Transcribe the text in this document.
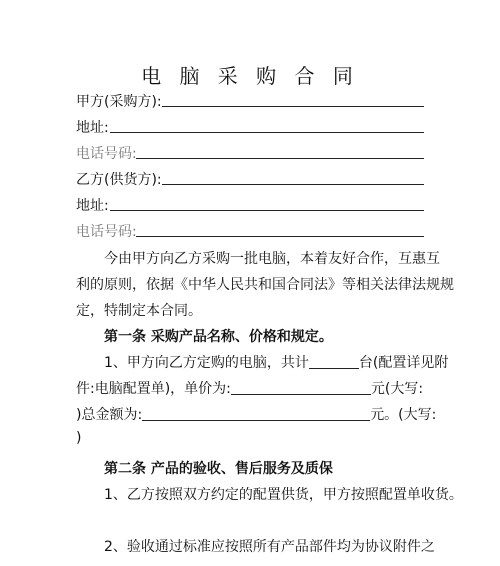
电 脑 采 购 合 同
甲方(采购方):
地址:
电话号码:
乙方(供货方):
地址:
电话号码:
今由甲方向乙方采购一批电脑，本着友好合作，互惠互
利的原则，依据《中华人民共和国合同法》等相关法律法规规
定，特制定本合同。
第一条 采购产品名称、价格和规定。
1、甲方向乙方定购的电脑，共计	台(配置详见附
件:电脑配置单)，单价为:	元(大写:
)总金额为:	元。(大写:
)
第二条 产品的验收、售后服务及质保
1、乙方按照双方约定的配置供货，甲方按照配置单收货。
2、验收通过标准应按照所有产品部件均为协议附件之
